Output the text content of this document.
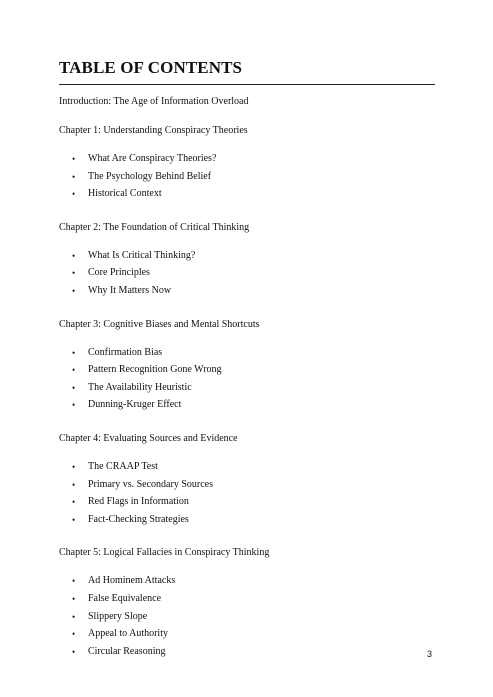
TABLE OF CONTENTS

Introduction: The Age of Information Overload

Chapter 1: Understanding Conspiracy Theories

• What Are Conspiracy Theories?
• The Psychology Behind Belief
• Historical Context

Chapter 2: The Foundation of Critical Thinking

• What Is Critical Thinking?
• Core Principles
• Why It Matters Now

Chapter 3: Cognitive Biases and Mental Shortcuts

• Confirmation Bias
• Pattern Recognition Gone Wrong
• The Availability Heuristic
• Dunning-Kruger Effect

Chapter 4: Evaluating Sources and Evidence

• The CRAAP Test
• Primary vs. Secondary Sources
• Red Flags in Information
• Fact-Checking Strategies

Chapter 5: Logical Fallacies in Conspiracy Thinking

• Ad Hominem Attacks
• False Equivalence
• Slippery Slope
• Appeal to Authority
• Circular Reasoning	3
